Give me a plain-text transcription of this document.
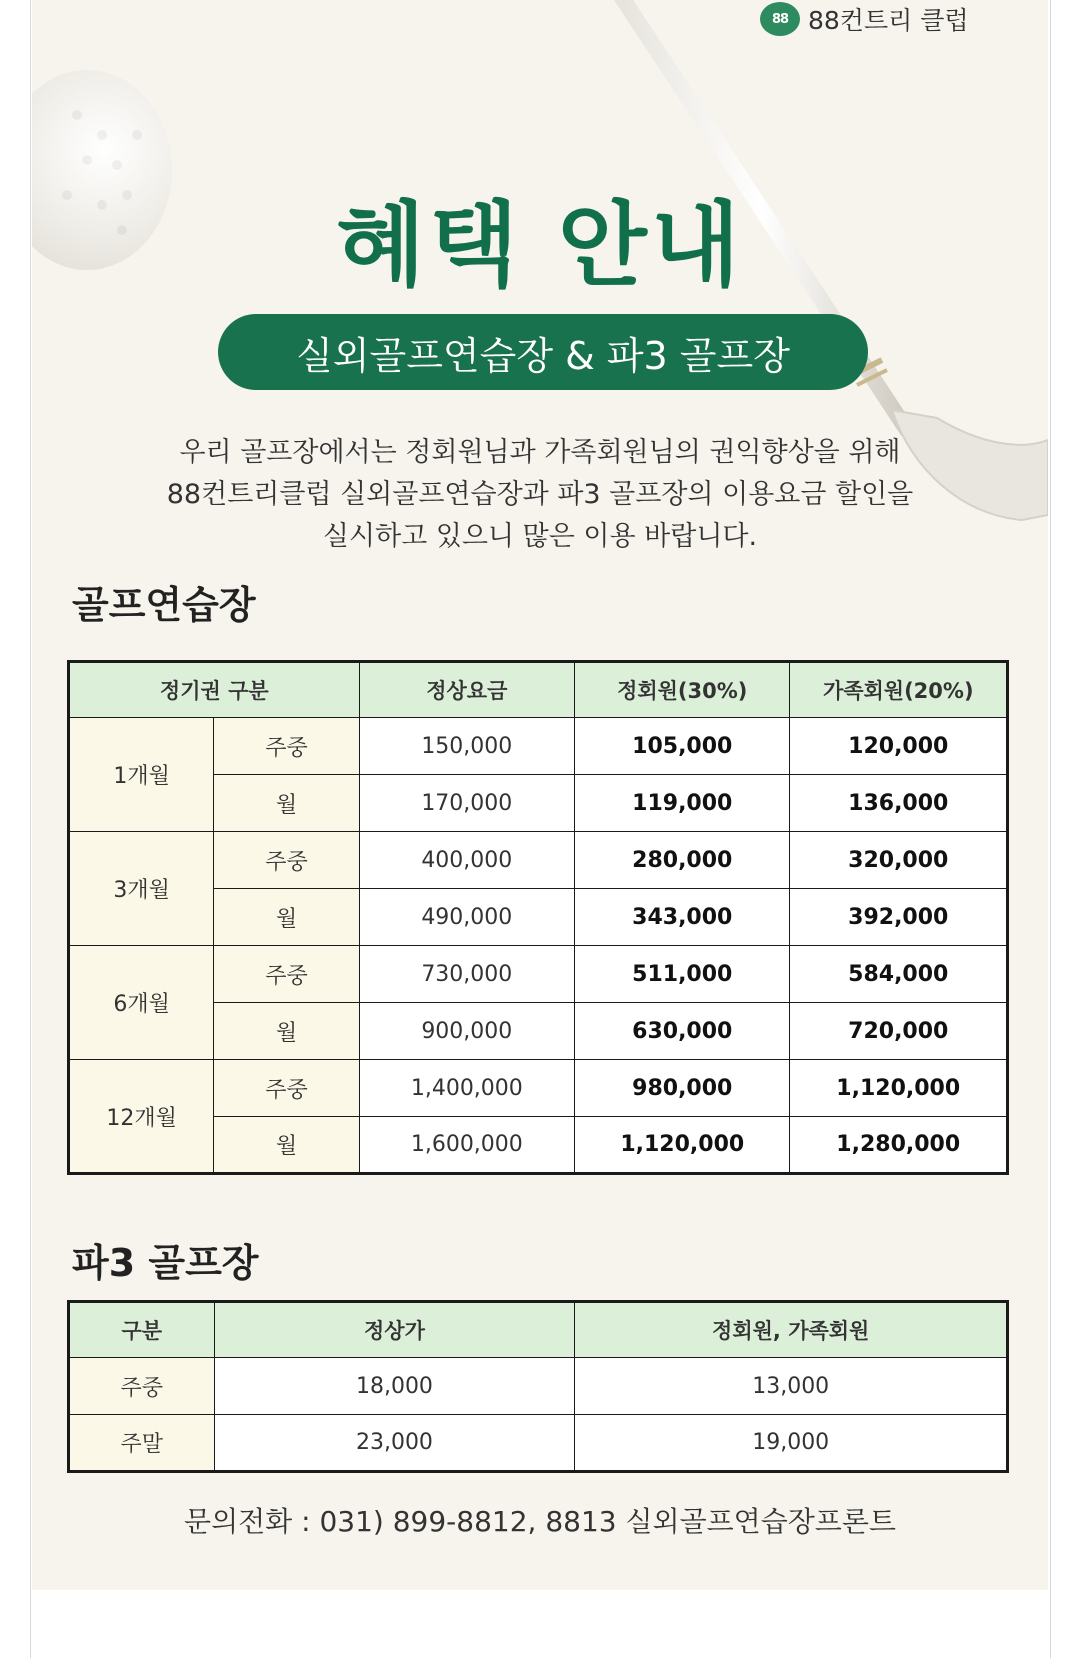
88 88컨트리 클럽
혜택 안내
실외골프연습장 & 파3 골프장
우리 골프장에서는 정회원님과 가족회원님의 권익향상을 위해
88컨트리클럽 실외골프연습장과 파3 골프장의 이용요금 할인을
실시하고 있으니 많은 이용 바랍니다.
골프연습장
정기권 구분		정상요금	정회원(30%)	가족회원(20%)
1개월	주중	150,000	105,000	120,000
	월	170,000	119,000	136,000
3개월	주중	400,000	280,000	320,000
	월	490,000	343,000	392,000
6개월	주중	730,000	511,000	584,000
	월	900,000	630,000	720,000
12개월	주중	1,400,000	980,000	1,120,000
	월	1,600,000	1,120,000	1,280,000
파3 골프장
구분	정상가	정회원, 가족회원
주중	18,000	13,000
주말	23,000	19,000
문의전화 : 031) 899-8812, 8813 실외골프연습장프론트
